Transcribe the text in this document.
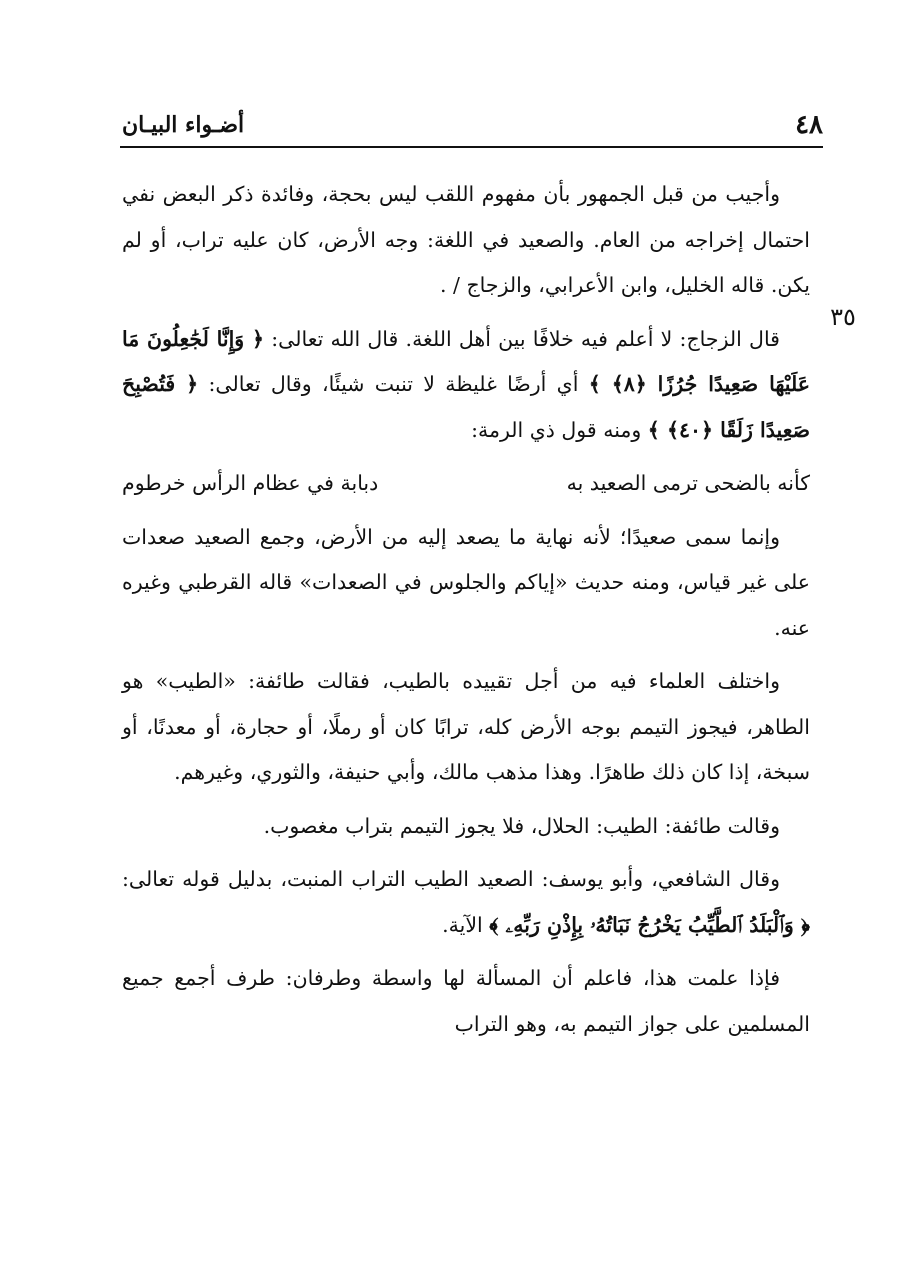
٤٨
أضـواء البيـان
٣٥

وأجيب من قبل الجمهور بأن مفهوم اللقب ليس بحجة، وفائدة ذكر البعض نفي احتمال إخراجه من العام. والصعيد في اللغة: وجه الأرض، كان عليه تراب، أو لم يكن. قاله الخليل، وابن الأعرابي، والزجاج / .

قال الزجاج: لا أعلم فيه خلافًا بين أهل اللغة. قال الله تعالى: ﴿ وَإِنَّا لَجَٰعِلُونَ مَا عَلَيْهَا صَعِيدًا جُرُزًا ﴿٨﴾ ﴾ أي أرضًا غليظة لا تنبت شيئًا، وقال تعالى: ﴿ فَتُصْبِحَ صَعِيدًا زَلَقًا ﴿٤٠﴾ ﴾ ومنه قول ذي الرمة:

كأنه بالضحى ترمى الصعيد به
دبابة في عظام الرأس خرطوم

وإنما سمى صعيدًا؛ لأنه نهاية ما يصعد إليه من الأرض، وجمع الصعيد صعدات على غير قياس، ومنه حديث «إياكم والجلوس في الصعدات» قاله القرطبي وغيره عنه.

واختلف العلماء فيه من أجل تقييده بالطيب، فقالت طائفة: «الطيب» هو الطاهر، فيجوز التيمم بوجه الأرض كله، ترابًا كان أو رملًا، أو حجارة، أو معدنًا، أو سبخة، إذا كان ذلك طاهرًا. وهذا مذهب مالك، وأبي حنيفة، والثوري، وغيرهم.

وقالت طائفة: الطيب: الحلال، فلا يجوز التيمم بتراب مغصوب.

وقال الشافعي، وأبو يوسف: الصعيد الطيب التراب المنبت، بدليل قوله تعالى: ﴿ وَٱلْبَلَدُ ٱلطَّيِّبُ يَخْرُجُ نَبَاتُهُۥ بِإِذْنِ رَبِّهِۦ ﴾ الآية.

فإذا علمت هذا، فاعلم أن المسألة لها واسطة وطرفان: طرف أجمع جميع المسلمين على جواز التيمم به، وهو التراب
